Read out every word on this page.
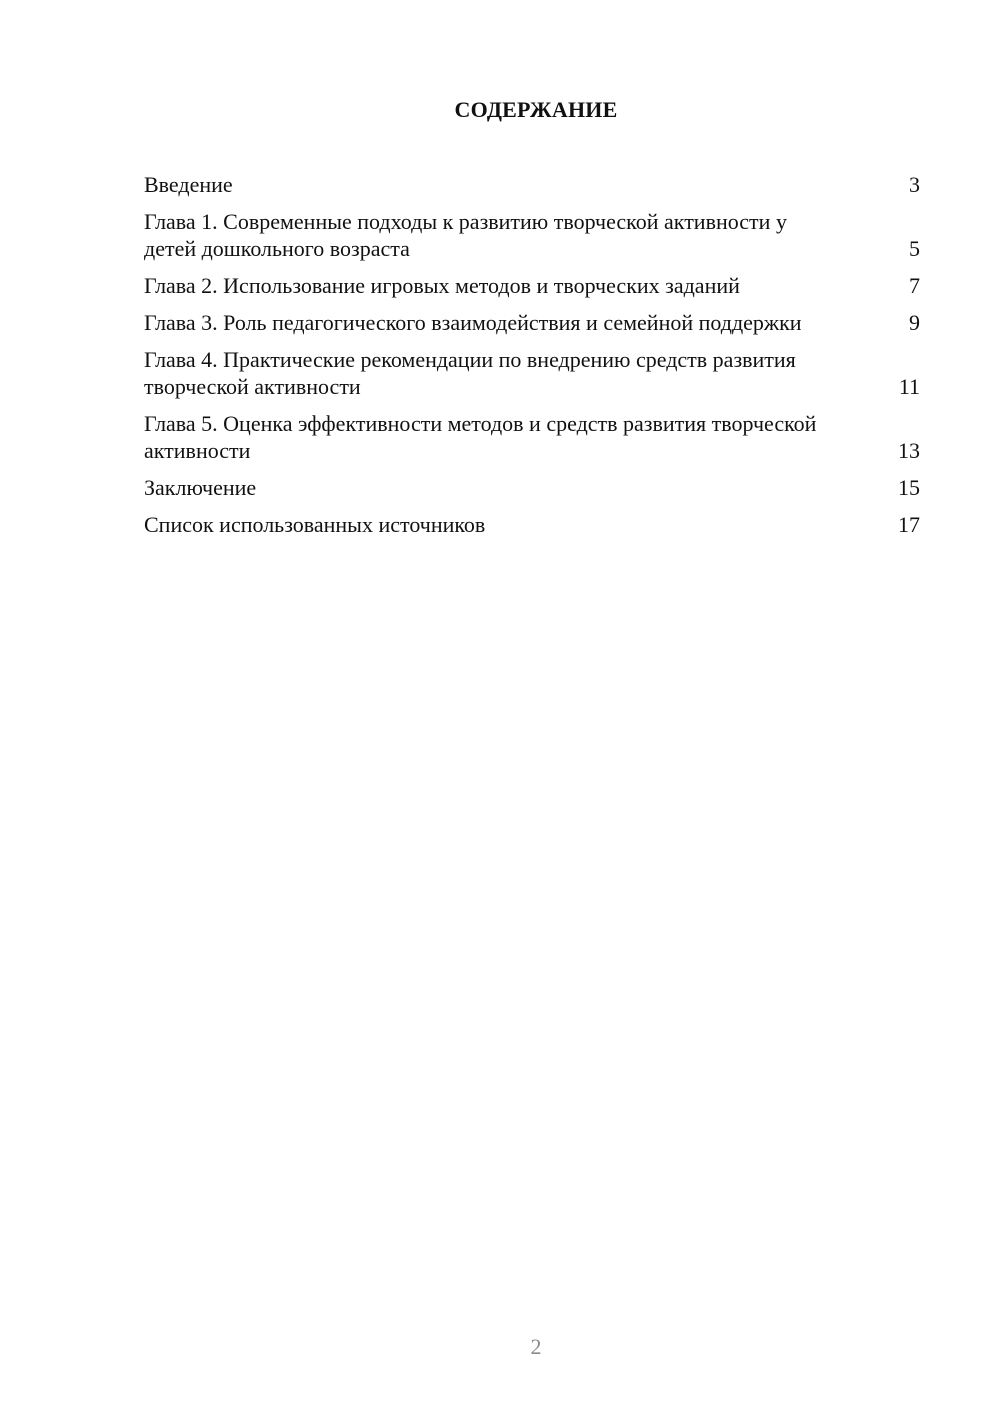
СОДЕРЖАНИЕ
Введение	3
Глава 1. Современные подходы к развитию творческой активности у детей дошкольного возраста	5
Глава 2. Использование игровых методов и творческих заданий	7
Глава 3. Роль педагогического взаимодействия и семейной поддержки	9
Глава 4. Практические рекомендации по внедрению средств развития творческой активности	11
Глава 5. Оценка эффективности методов и средств развития творческой активности	13
Заключение	15
Список использованных источников	17
2
